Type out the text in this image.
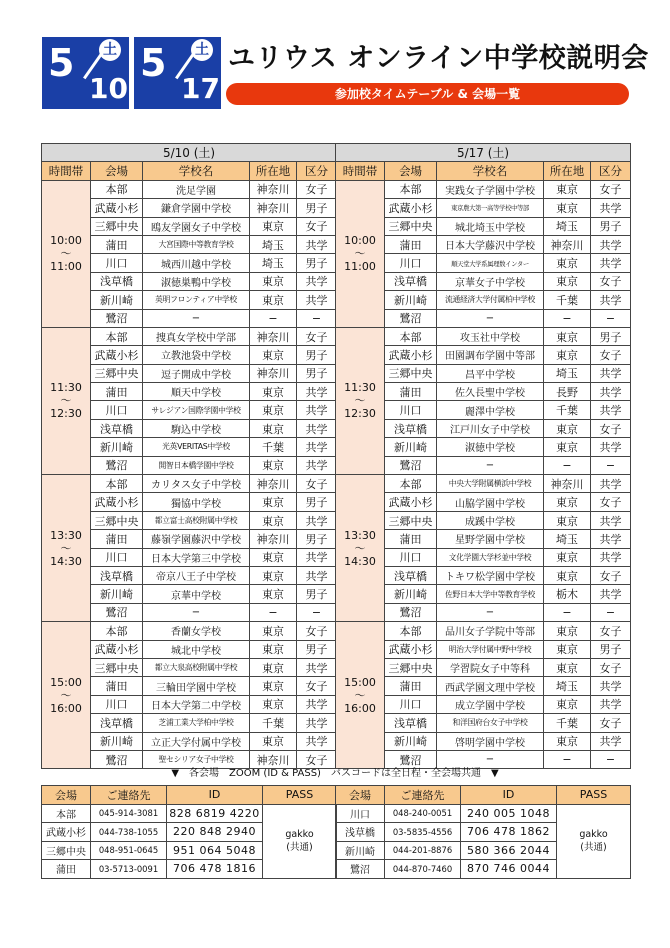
5 土
10
5 土
17
ユリウス オンライン中学校説明会
参加校タイムテーブル & 会場一覧
5/10 (土)				
時間帯	会場	学校名	所在地	区分

10:00
〜
11:00	本部	洗足学園	神奈川	女子
	武蔵小杉	鎌倉学園中学校	神奈川	男子
	三郷中央	鴎友学園女子中学校	東京	女子
	蒲田	大宮国際中等教育学校	埼玉	共学
	川口	城西川越中学校	埼玉	男子
	浅草橋	淑徳巣鴨中学校	東京	共学
	新川崎	英明フロンティア中学校	東京	共学
	鷺沼	−	−	−

11:30
〜
12:30	本部	捜真女学校中学部	神奈川	女子
	武蔵小杉	立教池袋中学校	東京	男子
	三郷中央	逗子開成中学校	神奈川	男子
	蒲田	順天中学校	東京	共学
	川口	サレジアン国際学園中学校	東京	共学
	浅草橋	駒込中学校	東京	共学
	新川崎	光英VERITAS中学校	千葉	共学
	鷺沼	開智日本橋学園中学校	東京	共学

13:30
〜
14:30	本部	カリタス女子中学校	神奈川	女子
	武蔵小杉	獨協中学校	東京	男子
	三郷中央	都立富士高校附属中学校	東京	共学
	蒲田	藤嶺学園藤沢中学校	神奈川	男子
	川口	日本大学第三中学校	東京	共学
	浅草橋	帝京八王子中学校	東京	共学
	新川崎	京華中学校	東京	男子
	鷺沼	−	−	−

15:00
〜
16:00	本部	香蘭女学校	東京	女子
	武蔵小杉	城北中学校	東京	男子
	三郷中央	都立大泉高校附属中学校	東京	共学
	蒲田	三輪田学園中学校	東京	女子
	川口	日本大学第二中学校	東京	共学
	浅草橋	芝浦工業大学柏中学校	千葉	共学
	新川崎	立正大学付属中学校	東京	共学
	鷺沼	聖セシリア女子中学校	神奈川	女子
5/17 (土)				
時間帯	会場	学校名	所在地	区分

10:00
〜
11:00	本部	実践女子学園中学校	東京	女子
	武蔵小杉	東京農大第一高等学校中等部	東京	共学
	三郷中央	城北埼玉中学校	埼玉	男子
	蒲田	日本大学藤沢中学校	神奈川	共学
	川口	順天堂大学系属理数インター	東京	共学
	浅草橋	京華女子中学校	東京	女子
	新川崎	流通経済大学付属柏中学校	千葉	共学
	鷺沼	−	−	−

11:30
〜
12:30	本部	攻玉社中学校	東京	男子
	武蔵小杉	田園調布学園中等部	東京	女子
	三郷中央	昌平中学校	埼玉	共学
	蒲田	佐久長聖中学校	長野	共学
	川口	麗澤中学校	千葉	共学
	浅草橋	江戸川女子中学校	東京	女子
	新川崎	淑徳中学校	東京	共学
	鷺沼	−	−	−

13:30
〜
14:30	本部	中央大学附属横浜中学校	神奈川	共学
	武蔵小杉	山脇学園中学校	東京	女子
	三郷中央	成蹊中学校	東京	共学
	蒲田	星野学園中学校	埼玉	共学
	川口	文化学園大学杉並中学校	東京	共学
	浅草橋	トキワ松学園中学校	東京	女子
	新川崎	佐野日本大学中等教育学校	栃木	共学
	鷺沼	−	−	−

15:00
〜
16:00	本部	品川女子学院中等部	東京	女子
	武蔵小杉	明治大学付属中野中学校	東京	男子
	三郷中央	学習院女子中等科	東京	女子
	蒲田	西武学園文理中学校	埼玉	共学
	川口	成立学園中学校	東京	共学
	浅草橋	和洋国府台女子中学校	千葉	女子
	新川崎	啓明学園中学校	東京	共学
	鷺沼	−	−	−
▼　各会場　ZOOM (ID & PASS)　パスコードは全日程・全会場共通　▼
会場	ご連絡先	ID	PASS
本部	045-914-3081	828 6819 4220	gakko
(共通)

武蔵小杉	044-738-1055	220 848 2940	
三郷中央	048-951-0645	951 064 5048	
蒲田	03-5713-0091	706 478 1816	
会場	ご連絡先	ID	PASS
川口	048-240-0051	240 005 1048	gakko
(共通)

浅草橋	03-5835-4556	706 478 1862	
新川崎	044-201-8876	580 366 2044	
鷺沼	044-870-7460	870 746 0044	
